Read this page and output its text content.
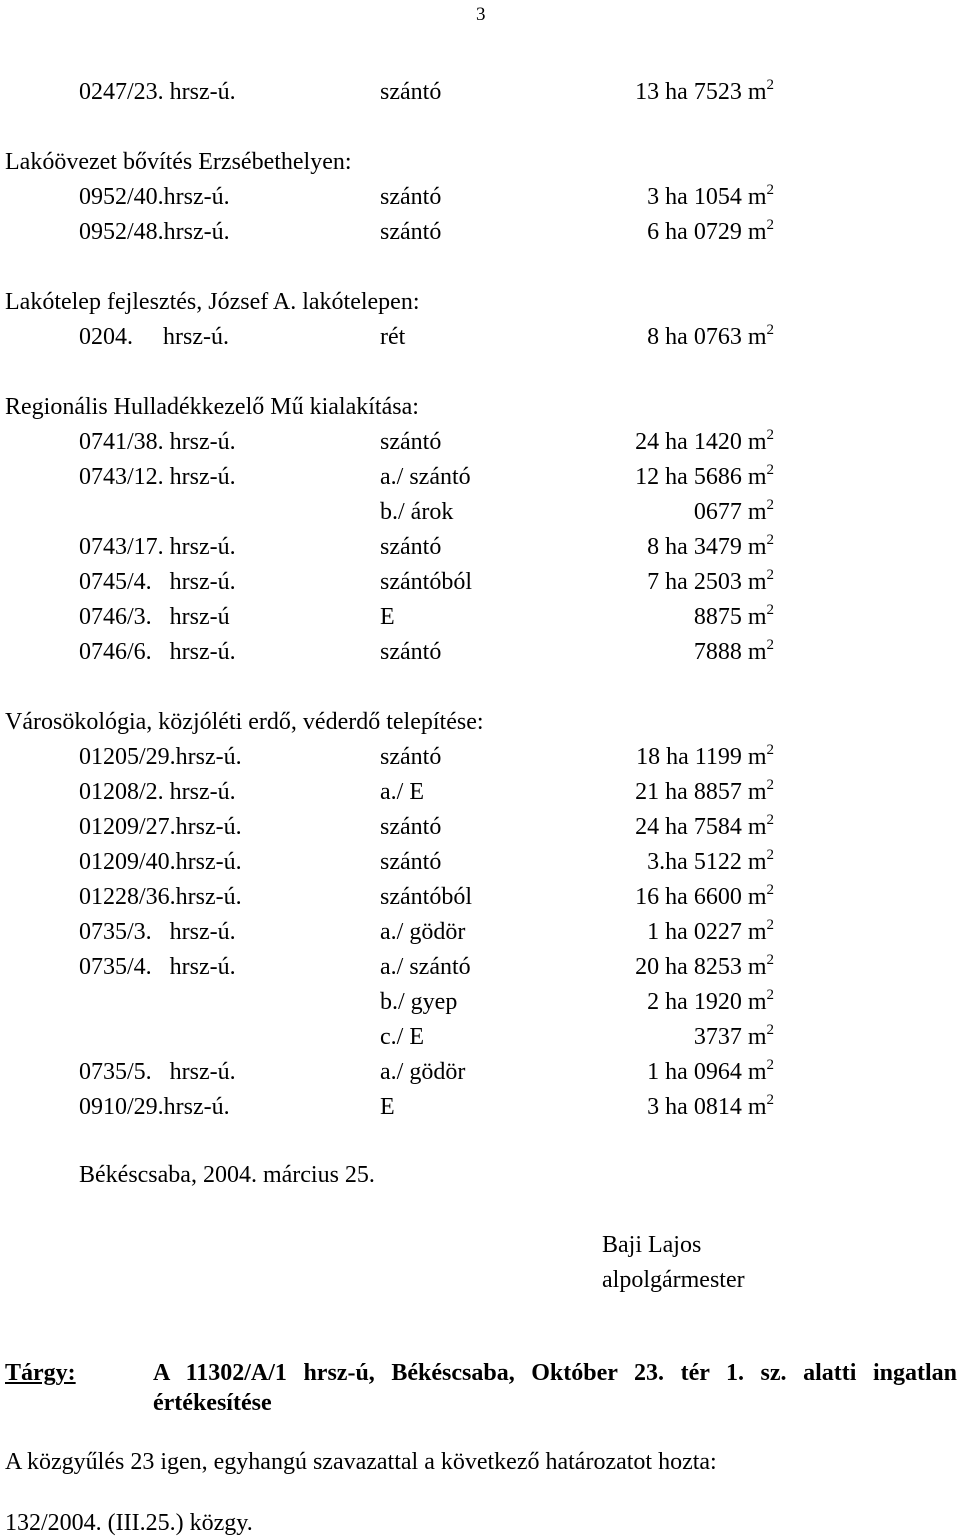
3
0247/23. hrsz-ú.	szántó	13 ha 7523 $m^2$
Lakóövezet bővítés Erzsébethelyen:
0952/40.hrsz-ú.	szántó	3 ha 1054 $m^2$
0952/48.hrsz-ú.	szántó	6 ha 0729 $m^2$
Lakótelep fejlesztés, József A. lakótelepen:
0204.     hrsz-ú.	rét	8 ha 0763 $m^2$
Regionális Hulladékkezelő Mű kialakítása:
0741/38. hrsz-ú.	szántó	24 ha 1420 $m^2$
0743/12. hrsz-ú.	a./ szántó	12 ha 5686 $m^2$
b./ árok	0677 $m^2$
0743/17. hrsz-ú.	szántó	8 ha 3479 $m^2$
0745/4.   hrsz-ú.	szántóból	7 ha 2503 $m^2$
0746/3.   hrsz-ú	E	8875 $m^2$
0746/6.   hrsz-ú.	szántó	7888 $m^2$
Városökológia, közjóléti erdő, véderdő telepítése:
01205/29.hrsz-ú.	szántó	18 ha 1199 $m^2$
01208/2. hrsz-ú.	a./ E	21 ha 8857 $m^2$
01209/27.hrsz-ú.	szántó	24 ha 7584 $m^2$
01209/40.hrsz-ú.	szántó	3.ha 5122 $m^2$
01228/36.hrsz-ú.	szántóból	16 ha 6600 $m^2$
0735/3.   hrsz-ú.	a./ gödör	1 ha 0227 $m^2$
0735/4.   hrsz-ú.	a./ szántó	20 ha 8253 $m^2$
b./ gyep	2 ha 1920 $m^2$
c./ E	3737 $m^2$
0735/5.   hrsz-ú.	a./ gödör	1 ha 0964 $m^2$
0910/29.hrsz-ú.	E	3 ha 0814 $m^2$
Békéscsaba, 2004. március 25.
Baji Lajos
alpolgármester
Tárgy:	A 11302/A/1 hrsz-ú, Békéscsaba, Október 23. tér 1. sz. alatti ingatlan
értékesítése
A közgyűlés 23 igen, egyhangú szavazattal a következő határozatot hozta:
132/2004. (III.25.) közgy.
